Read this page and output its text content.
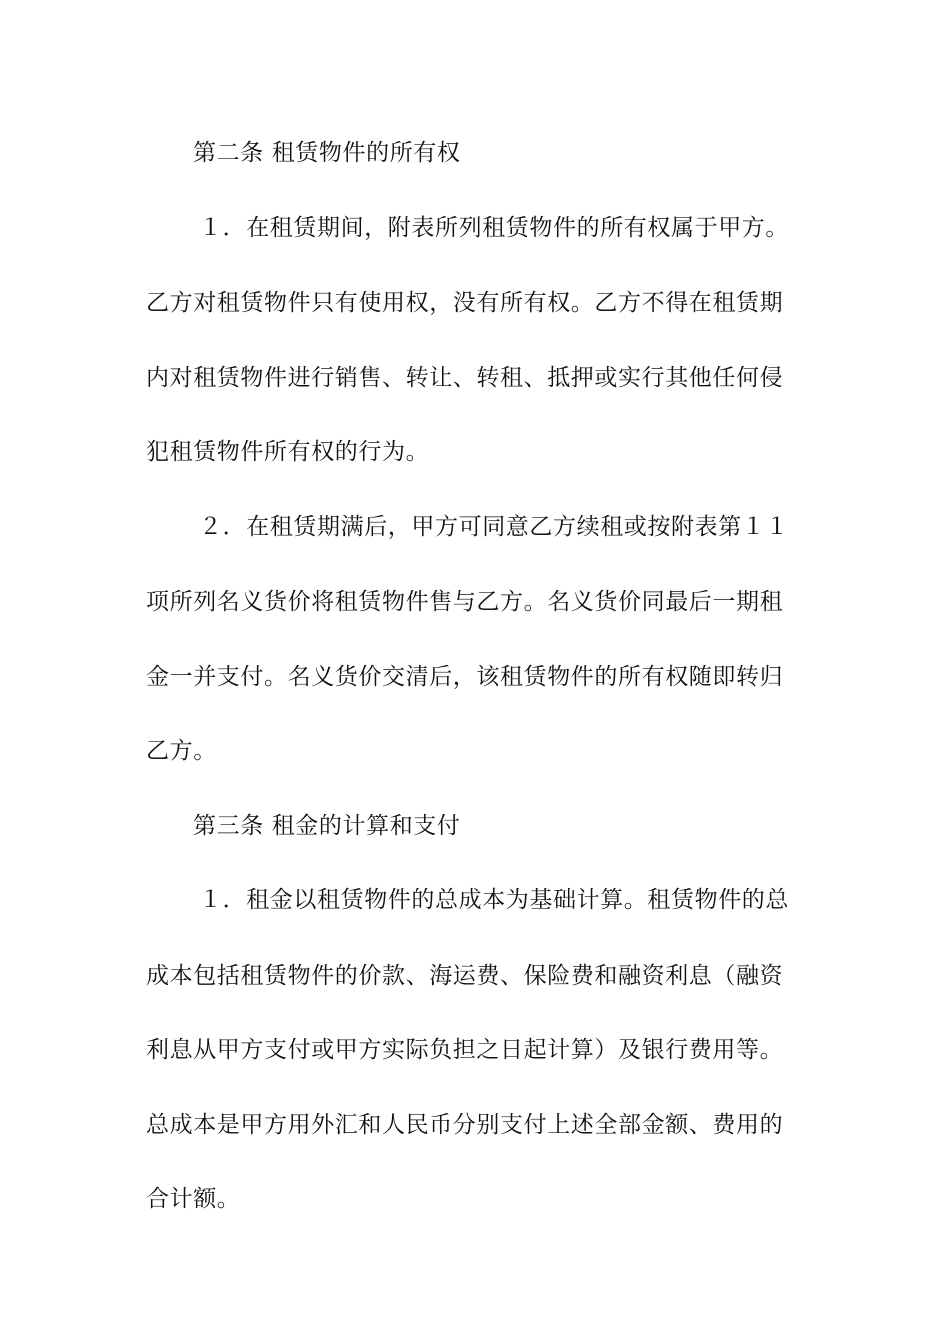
第二条 租赁物件的所有权
１．在租赁期间，附表所列租赁物件的所有权属于甲方。
乙方对租赁物件只有使用权，没有所有权。乙方不得在租赁期
内对租赁物件进行销售、转让、转租、抵押或实行其他任何侵
犯租赁物件所有权的行为。
２．在租赁期满后，甲方可同意乙方续租或按附表第１１
项所列名义货价将租赁物件售与乙方。名义货价同最后一期租
金一并支付。名义货价交清后，该租赁物件的所有权随即转归
乙方。
第三条 租金的计算和支付
１．租金以租赁物件的总成本为基础计算。租赁物件的总
成本包括租赁物件的价款、海运费、保险费和融资利息（融资
利息从甲方支付或甲方实际负担之日起计算）及银行费用等。
总成本是甲方用外汇和人民币分别支付上述全部金额、费用的
合计额。
